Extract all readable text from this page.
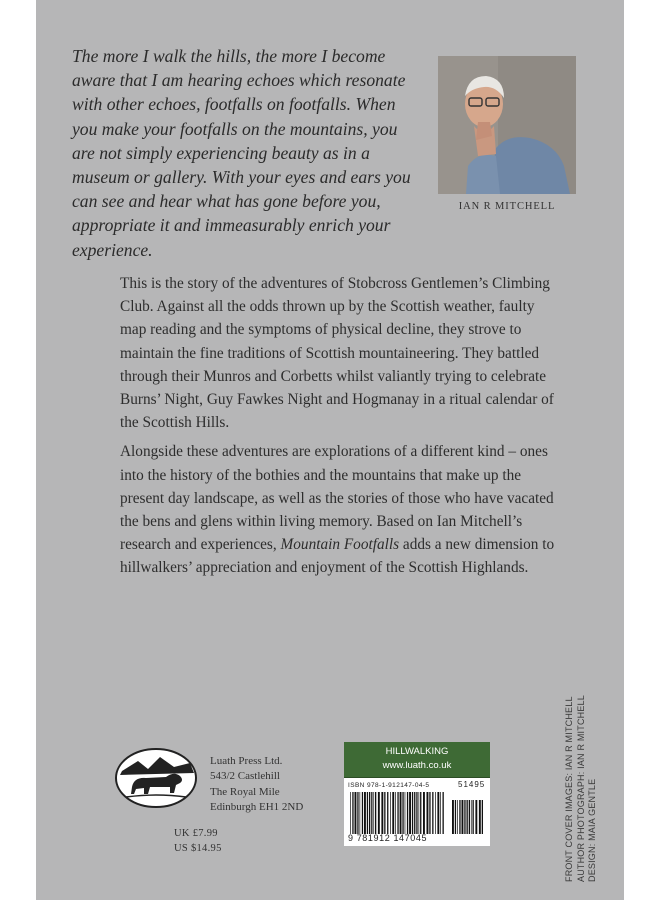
The more I walk the hills, the more I become aware that I am hearing echoes which resonate with other echoes, footfalls on footfalls. When you make your footfalls on the mountains, you are not simply experiencing beauty as in a museum or gallery. With your eyes and ears you can see and hear what has gone before you, appropriate it and immeasurably enrich your experience.

IAN R MITCHELL

This is the story of the adventures of Stobcross Gentlemen’s Climbing Club. Against all the odds thrown up by the Scottish weather, faulty map reading and the symptoms of physical decline, they strove to maintain the fine traditions of Scottish mountaineering. They battled through their Munros and Corbetts whilst valiantly trying to celebrate Burns’ Night, Guy Fawkes Night and Hogmanay in a ritual calendar of the Scottish Hills.

Alongside these adventures are explorations of a different kind – ones into the history of the bothies and the mountains that make up the present day landscape, as well as the stories of those who have vacated the bens and glens within living memory. Based on Ian Mitchell’s research and experiences, Mountain Footfalls adds a new dimension to hillwalkers’ appreciation and enjoyment of the Scottish Highlands.

Luath Press Ltd.
543/2 Castlehill
The Royal Mile
Edinburgh EH1 2ND
UK £7.99
US $14.95
HILLWALKING
www.luath.co.uk
ISBN 978-1-912147-04-5	51495
9 781912 147045	FRONT COVER IMAGES: IAN R MITCHELL AUTHOR PHOTOGRAPH: IAN R MITCHELL DESIGN: MAIA GENTLE
